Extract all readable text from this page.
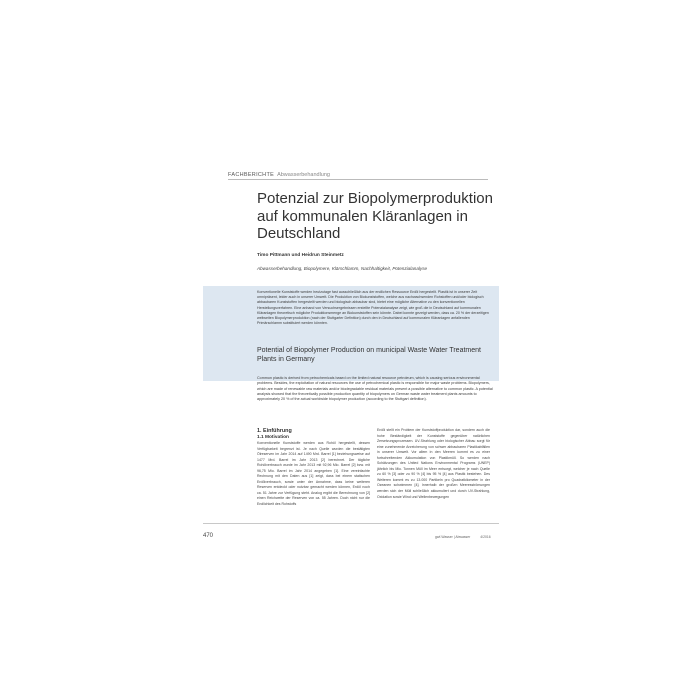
FACHBERICHTE Abwasserbehandlung
Potenzial zur Biopolymerproduktion auf kommunalen Kläranlagen in Deutschland
Timo Pittmann und Heidrun Steinmetz
Abwasserbehandlung, Biopolymere, Klärschlamm, Nachhaltigkeit, Potenzialanalyse
Konventionelle Kunststoffe werden heutzutage fast ausschließlich aus der endlichen Ressource Erdöl hergestellt. Plastik ist in unserer Zeit omnipräsent, leider auch in unserer Umwelt. Die Produktion von Biokunststoffen, welche aus nachwachsenden Rohstoffen und/oder biologisch abbaubaren Kunststoffen hergestellt werden und biologisch abbaubar sind, bietet eine mögliche Alternative zu den konventionellen Herstellungsverfahren. Eine anhand von Versuchsergebnissen erstellte Potenzialanalyse zeigt, wie groß die in Deutschland auf kommunalen Kläranlagen theoretisch mögliche Produktionsmenge an Biokunststoffen sein könnte. Dabei konnte gezeigt werden, dass ca. 20 % der derzeitigen weltweiten Biopolymerproduktion (nach der Stuttgarter Definition) durch den in Deutschland auf kommunalen Kläranlagen anfallenden Primärschlamm substituiert werden könnten.
Potential of Biopolymer Production on municipal Waste Water Treatment Plants in Germany
Common plastic is derived from petrochemicals based on the limited natural resource petroleum, which is causing serious environmental problems. Besides, the exploitation of natural resources the use of petrochemical plastic is responsible for major waste problems. Biopolymers, which are made of renewable raw materials and/or biodegradable residual materials present a possible alternative to common plastic. A potential analysis showed that the theoretically possible production quantity of biopolymers on German waste water treatment plants amounts to approximately 20 % of the actual worldwide biopolymer production (according to the Stuttgart definition).
1. Einführung
1.1 Motivation
Konventionelle Kunststoffe werden aus Rohöl hergestellt, dessen Verfügbarkeit begrenzt ist. Je nach Quelle wurden die bestätigten Ölreserven im Jahr 2014 auf 1490 Mrd. Barrel [1] beziehungsweise auf 1477 Mrd. Barrel im Jahr 2013 [2] berechnet. Der tägliche Rohölverbrauch wurde im Jahr 2013 mit 92,96 Mio. Barrel [2] bzw. mit 96,75 Mio. Barrel im Jahr 2014 angegeben [1]. Eine vereinfachte Rechnung mit den Daten aus [1] zeigt, dass bei einem statischen Erdölverbrauch, sowie unter der Annahme, dass keine weiteren Reserven entdeckt oder nutzbar gemacht werden können, Erdöl noch ca. 51 Jahre zur Verfügung steht. Analog ergibt die Berechnung von [2] einen Reichweite der Reserven von ca. 55 Jahren. Doch nicht nur die Endlichkeit des Rohstoffs
Erdöl stellt ein Problem der Kunststoffproduktion dar, sondern auch die hohe Beständigkeit der Kunststoffe gegenüber natürlichen Zersetzungsprozessen. UV-Strahlung oder biologischer Abbau sorgt für eine zunehmende Anreicherung von schwer abbaubaren Plastikabfällen in unserer Umwelt. Vor allem in den Meeren kommt es zu einer fortschreitenden Akkumulation von Plastikmüll. So werden nach Schätzungen des United Nations Environmental Programs (UNEP) jährlich bis Mio. Tonnen Müll im Meer entsorgt, welcher je nach Quelle zu 60 % [3] oder zu 90 % [4] bis 95 % [4] aus Plastik bestehen. Des Weiteren kommt es zu 13.000 Partikeln pro Quadratkilometer in der Ozeanen schwimmen [4]. Innerhalb der großen Meeresströmungen werden sich der Müll schließlich akkumuliert und durch UV-Strahlung, Oxidation sowie Wind und Wellenbewegungen
470	gwf-Wasser | Abwasser	4/2016
